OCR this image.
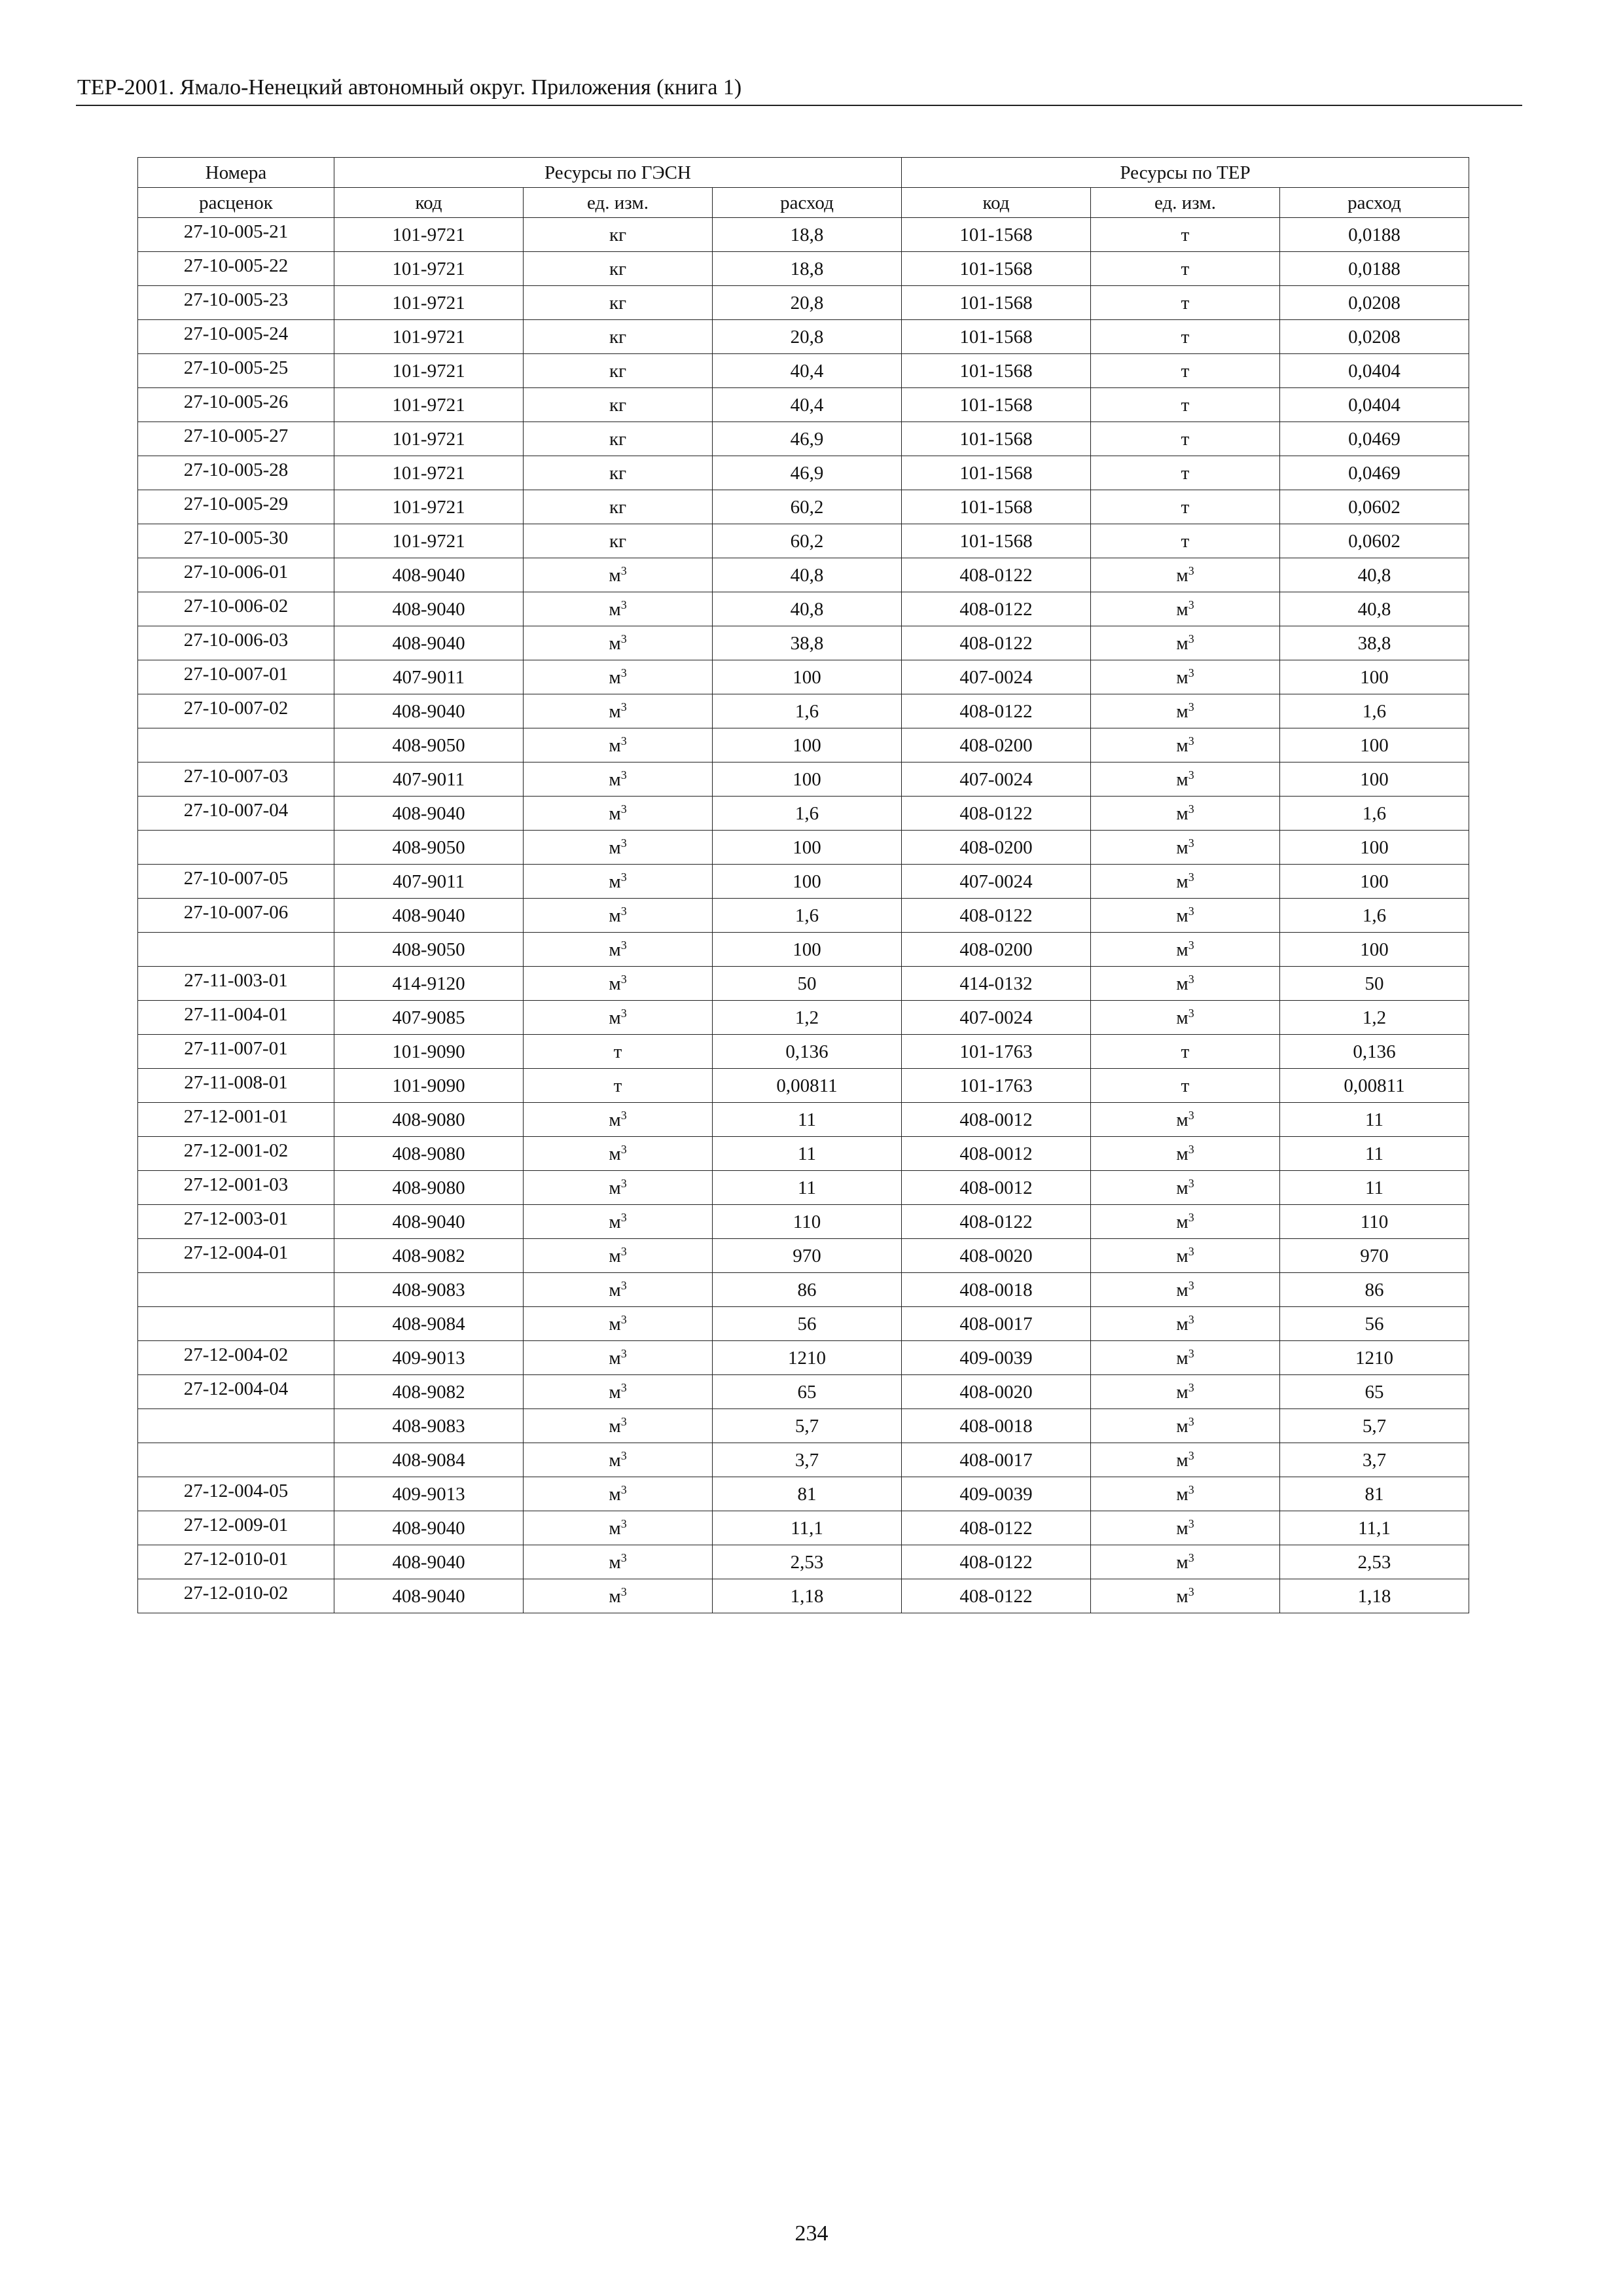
ТЕР-2001. Ямало-Ненецкий автономный округ. Приложения (книга 1)
Номера	Ресурсы по ГЭСН			Ресурсы по ТЕР		
расценок	код	ед. изм.	расход	код	ед. изм.	расход
27-10-005-21	101-9721	кг	18,8	101-1568	т	0,0188
27-10-005-22	101-9721	кг	18,8	101-1568	т	0,0188
27-10-005-23	101-9721	кг	20,8	101-1568	т	0,0208
27-10-005-24	101-9721	кг	20,8	101-1568	т	0,0208
27-10-005-25	101-9721	кг	40,4	101-1568	т	0,0404
27-10-005-26	101-9721	кг	40,4	101-1568	т	0,0404
27-10-005-27	101-9721	кг	46,9	101-1568	т	0,0469
27-10-005-28	101-9721	кг	46,9	101-1568	т	0,0469
27-10-005-29	101-9721	кг	60,2	101-1568	т	0,0602
27-10-005-30	101-9721	кг	60,2	101-1568	т	0,0602
27-10-006-01	408-9040	$м^3$	40,8	408-0122	$м^3$	40,8
27-10-006-02	408-9040	$м^3$	40,8	408-0122	$м^3$	40,8
27-10-006-03	408-9040	$м^3$	38,8	408-0122	$м^3$	38,8
27-10-007-01	407-9011	$м^3$	100	407-0024	$м^3$	100
27-10-007-02	408-9040	$м^3$	1,6	408-0122	$м^3$	1,6
	408-9050	$м^3$	100	408-0200	$м^3$	100
27-10-007-03	407-9011	$м^3$	100	407-0024	$м^3$	100
27-10-007-04	408-9040	$м^3$	1,6	408-0122	$м^3$	1,6
	408-9050	$м^3$	100	408-0200	$м^3$	100
27-10-007-05	407-9011	$м^3$	100	407-0024	$м^3$	100
27-10-007-06	408-9040	$м^3$	1,6	408-0122	$м^3$	1,6
	408-9050	$м^3$	100	408-0200	$м^3$	100
27-11-003-01	414-9120	$м^3$	50	414-0132	$м^3$	50
27-11-004-01	407-9085	$м^3$	1,2	407-0024	$м^3$	1,2
27-11-007-01	101-9090	т	0,136	101-1763	т	0,136
27-11-008-01	101-9090	т	0,00811	101-1763	т	0,00811
27-12-001-01	408-9080	$м^3$	11	408-0012	$м^3$	11
27-12-001-02	408-9080	$м^3$	11	408-0012	$м^3$	11
27-12-001-03	408-9080	$м^3$	11	408-0012	$м^3$	11
27-12-003-01	408-9040	$м^3$	110	408-0122	$м^3$	110
27-12-004-01	408-9082	$м^3$	970	408-0020	$м^3$	970
	408-9083	$м^3$	86	408-0018	$м^3$	86
	408-9084	$м^3$	56	408-0017	$м^3$	56
27-12-004-02	409-9013	$м^3$	1210	409-0039	$м^3$	1210
27-12-004-04	408-9082	$м^3$	65	408-0020	$м^3$	65
	408-9083	$м^3$	5,7	408-0018	$м^3$	5,7
	408-9084	$м^3$	3,7	408-0017	$м^3$	3,7
27-12-004-05	409-9013	$м^3$	81	409-0039	$м^3$	81
27-12-009-01	408-9040	$м^3$	11,1	408-0122	$м^3$	11,1
27-12-010-01	408-9040	$м^3$	2,53	408-0122	$м^3$	2,53
27-12-010-02	408-9040	$м^3$	1,18	408-0122	$м^3$	1,18
234
